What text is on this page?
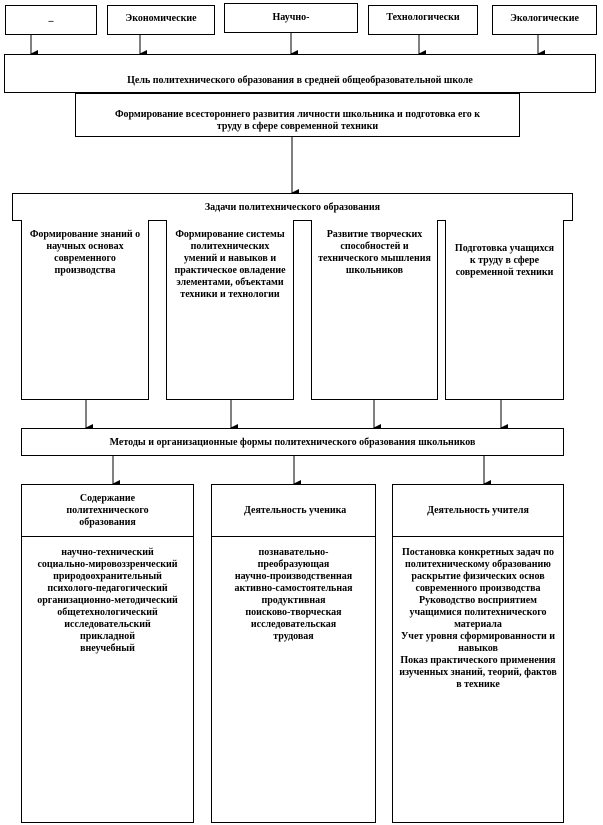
–	Экономические	Научно-	Технологически	Экологические
Цель политехнического образования в средней общеобразовательной школе
Формирование всестороннего развития личности школьника и подготовка его к труду в сфере современной техники
Задачи политехнического образования
Формирование знаний о научных основах современного производства
Формирование системы политехнических умений и навыков и практическое овладение элементами, объектами техники и технологии
Развитие творческих способностей и технического мышления школьников
Подготовка учащихся к труду в сфере современной техники
Методы и организационные формы политехнического образования школьников
Содержание политехнического образования
научно-технический
социально-мировоззренческий
природоохранительный
психолого-педагогический
организационно-методический
общетехнологический
исследовательский
прикладной
внеучебный
Деятельность ученика
познавательно-преобразующая
научно-производственная
активно-самостоятельная
продуктивная
поисково-творческая
исследовательская
трудовая
Деятельность учителя
Постановка конкретных задач по политехническому образованию
раскрытие физических основ современного производства
Руководство восприятием учащимися политехнического материала
Учет уровня сформированности и навыков
Показ практического применения изученных знаний, теорий, фактов в технике
